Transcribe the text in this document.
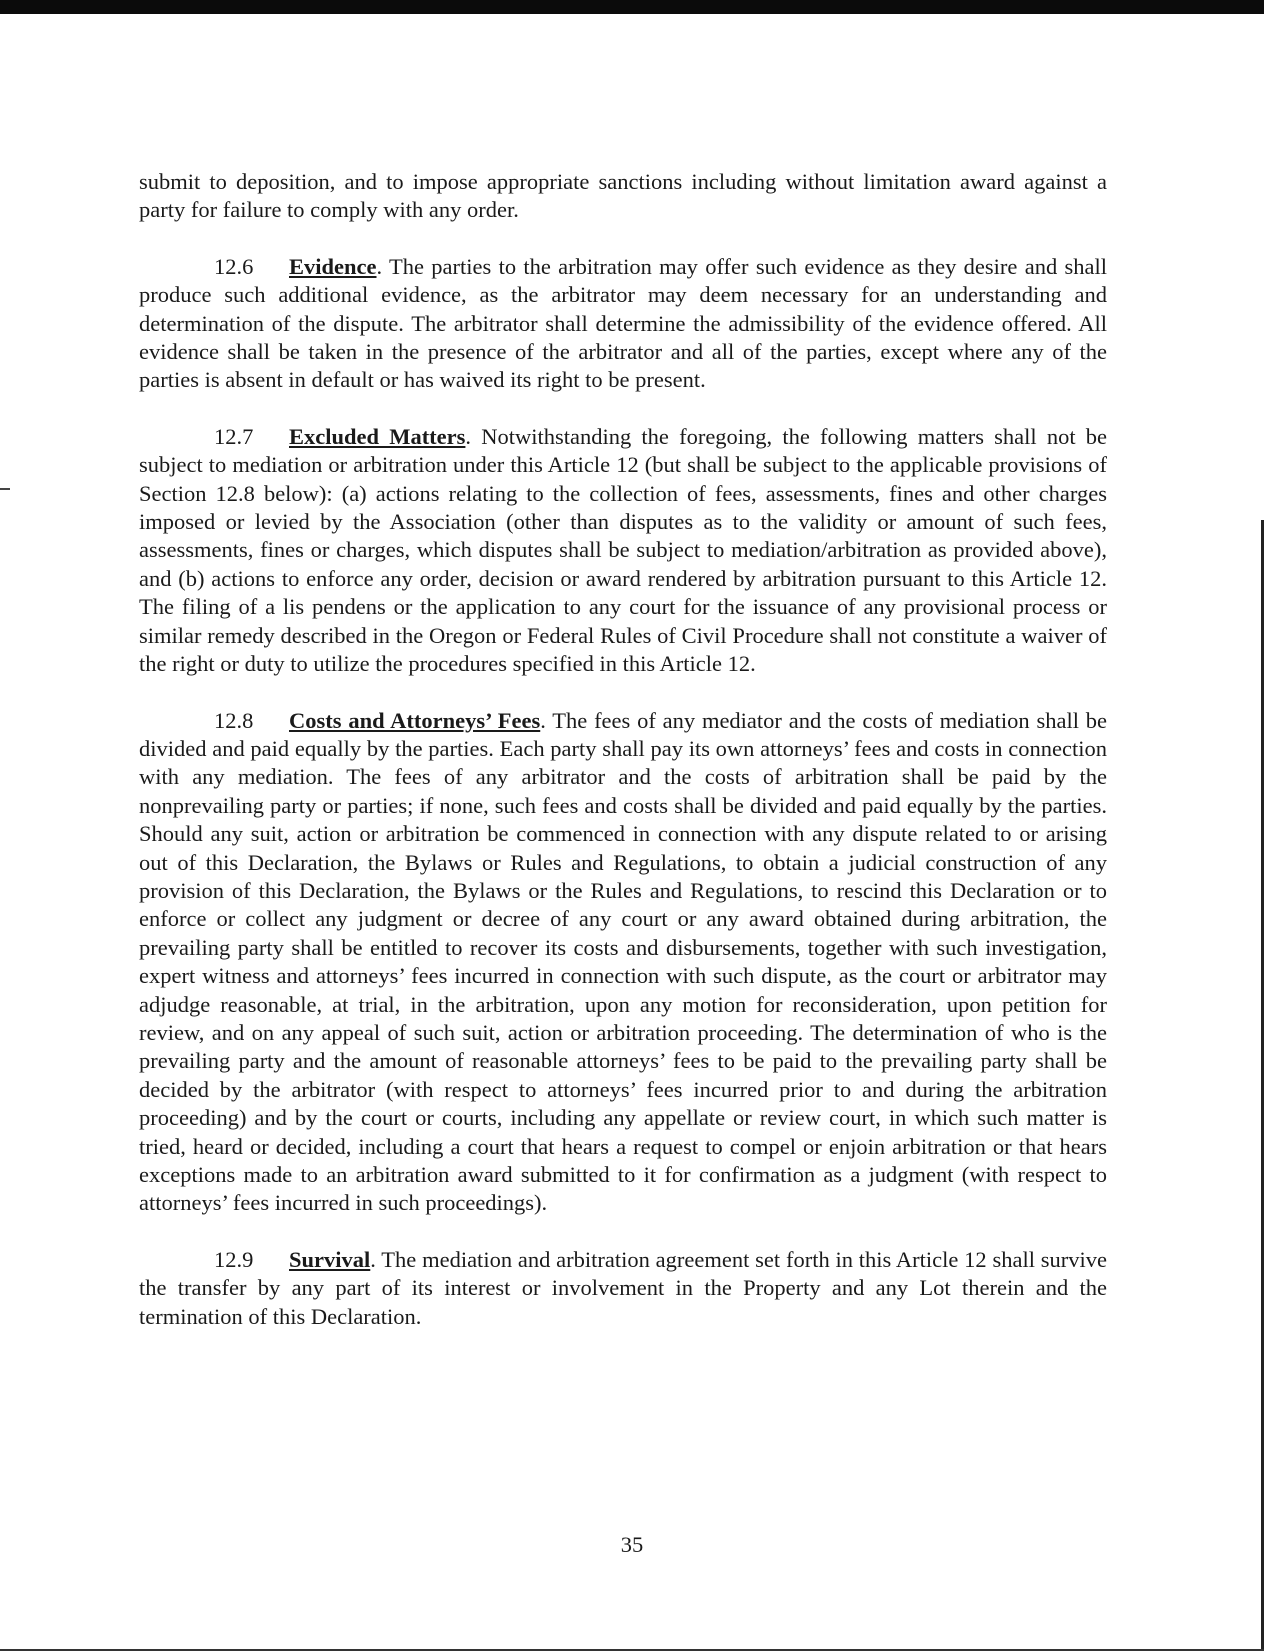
submit to deposition, and to impose appropriate sanctions including without limitation award against a party for failure to comply with any order.

12.6 Evidence. The parties to the arbitration may offer such evidence as they desire and shall produce such additional evidence, as the arbitrator may deem necessary for an understanding and determination of the dispute. The arbitrator shall determine the admissibility of the evidence offered. All evidence shall be taken in the presence of the arbitrator and all of the parties, except where any of the parties is absent in default or has waived its right to be present.

12.7 Excluded Matters. Notwithstanding the foregoing, the following matters shall not be subject to mediation or arbitration under this Article 12 (but shall be subject to the applicable provisions of Section 12.8 below): (a) actions relating to the collection of fees, assessments, fines and other charges imposed or levied by the Association (other than disputes as to the validity or amount of such fees, assessments, fines or charges, which disputes shall be subject to mediation/arbitration as provided above), and (b) actions to enforce any order, decision or award rendered by arbitration pursuant to this Article 12. The filing of a lis pendens or the application to any court for the issuance of any provisional process or similar remedy described in the Oregon or Federal Rules of Civil Procedure shall not constitute a waiver of the right or duty to utilize the procedures specified in this Article 12.

12.8 Costs and Attorneys’ Fees. The fees of any mediator and the costs of mediation shall be divided and paid equally by the parties. Each party shall pay its own attorneys’ fees and costs in connection with any mediation. The fees of any arbitrator and the costs of arbitration shall be paid by the nonprevailing party or parties; if none, such fees and costs shall be divided and paid equally by the parties. Should any suit, action or arbitration be commenced in connection with any dispute related to or arising out of this Declaration, the Bylaws or Rules and Regulations, to obtain a judicial construction of any provision of this Declaration, the Bylaws or the Rules and Regulations, to rescind this Declaration or to enforce or collect any judgment or decree of any court or any award obtained during arbitration, the prevailing party shall be entitled to recover its costs and disbursements, together with such investigation, expert witness and attorneys’ fees incurred in connection with such dispute, as the court or arbitrator may adjudge reasonable, at trial, in the arbitration, upon any motion for reconsideration, upon petition for review, and on any appeal of such suit, action or arbitration proceeding. The determination of who is the prevailing party and the amount of reasonable attorneys’ fees to be paid to the prevailing party shall be decided by the arbitrator (with respect to attorneys’ fees incurred prior to and during the arbitration proceeding) and by the court or courts, including any appellate or review court, in which such matter is tried, heard or decided, including a court that hears a request to compel or enjoin arbitration or that hears exceptions made to an arbitration award submitted to it for confirmation as a judgment (with respect to attorneys’ fees incurred in such proceedings).

12.9 Survival. The mediation and arbitration agreement set forth in this Article 12 shall survive the transfer by any part of its interest or involvement in the Property and any Lot therein and the termination of this Declaration.

35
